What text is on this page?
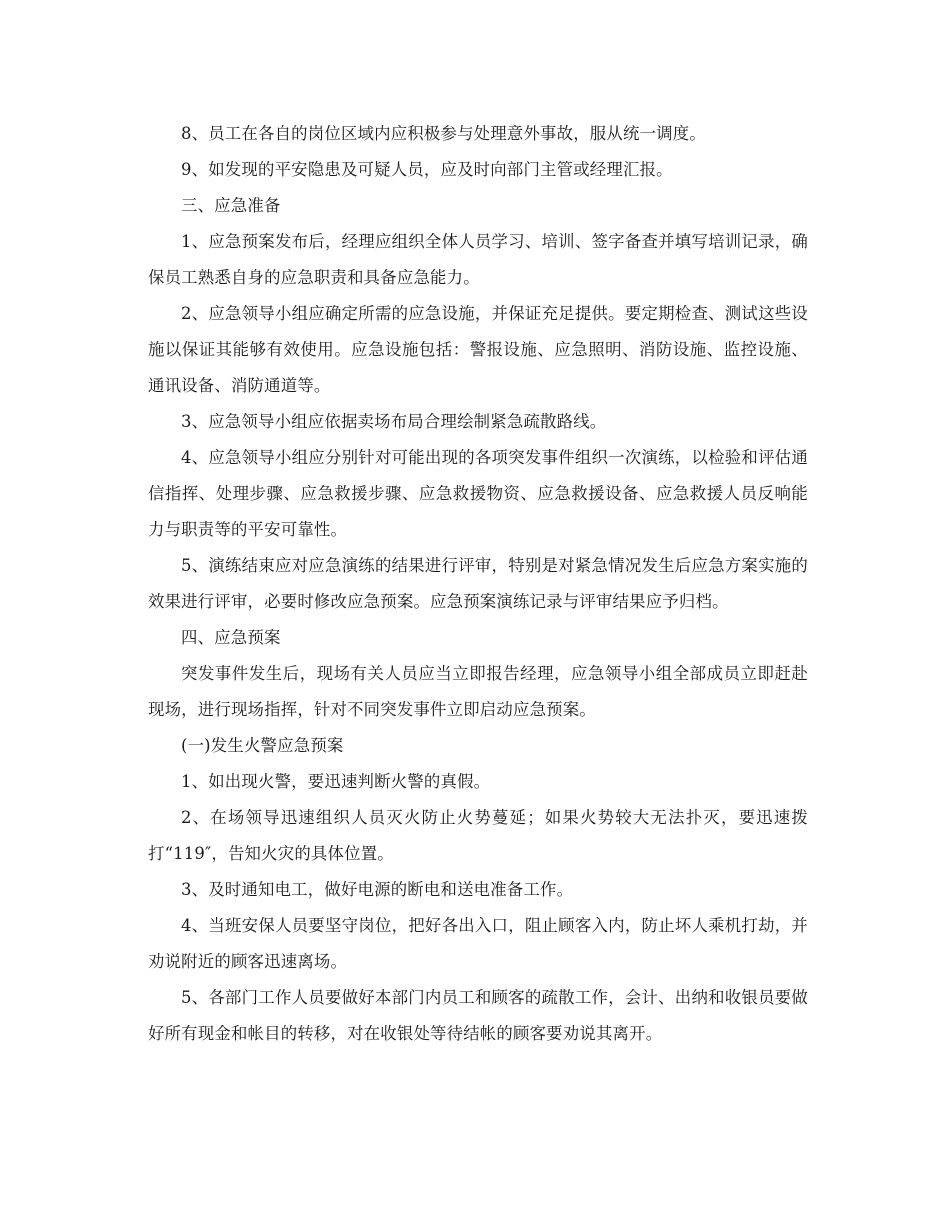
8、员工在各自的岗位区域内应积极参与处理意外事故，服从统一调度。

9、如发现的平安隐患及可疑人员，应及时向部门主管或经理汇报。

三、应急准备

1、应急预案发布后，经理应组织全体人员学习、培训、签字备查并填写培训记录，确保员工熟悉自身的应急职责和具备应急能力。

2、应急领导小组应确定所需的应急设施，并保证充足提供。要定期检查、测试这些设施以保证其能够有效使用。应急设施包括：警报设施、应急照明、消防设施、监控设施、通讯设备、消防通道等。

3、应急领导小组应依据卖场布局合理绘制紧急疏散路线。

4、应急领导小组应分别针对可能出现的各项突发事件组织一次演练，以检验和评估通信指挥、处理步骤、应急救援步骤、应急救援物资、应急救援设备、应急救援人员反响能力与职责等的平安可靠性。

5、演练结束应对应急演练的结果进行评审，特别是对紧急情况发生后应急方案实施的效果进行评审，必要时修改应急预案。应急预案演练记录与评审结果应予归档。

四、应急预案

突发事件发生后，现场有关人员应当立即报告经理，应急领导小组全部成员立即赶赴现场，进行现场指挥，针对不同突发事件立即启动应急预案。

(一)发生火警应急预案

1、如出现火警，要迅速判断火警的真假。

2、在场领导迅速组织人员灭火防止火势蔓延；如果火势较大无法扑灭，要迅速拨打“119″，告知火灾的具体位置。

3、及时通知电工，做好电源的断电和送电准备工作。

4、当班安保人员要坚守岗位，把好各出入口，阻止顾客入内，防止坏人乘机打劫，并劝说附近的顾客迅速离场。

5、各部门工作人员要做好本部门内员工和顾客的疏散工作，会计、出纳和收银员要做好所有现金和帐目的转移，对在收银处等待结帐的顾客要劝说其离开。
